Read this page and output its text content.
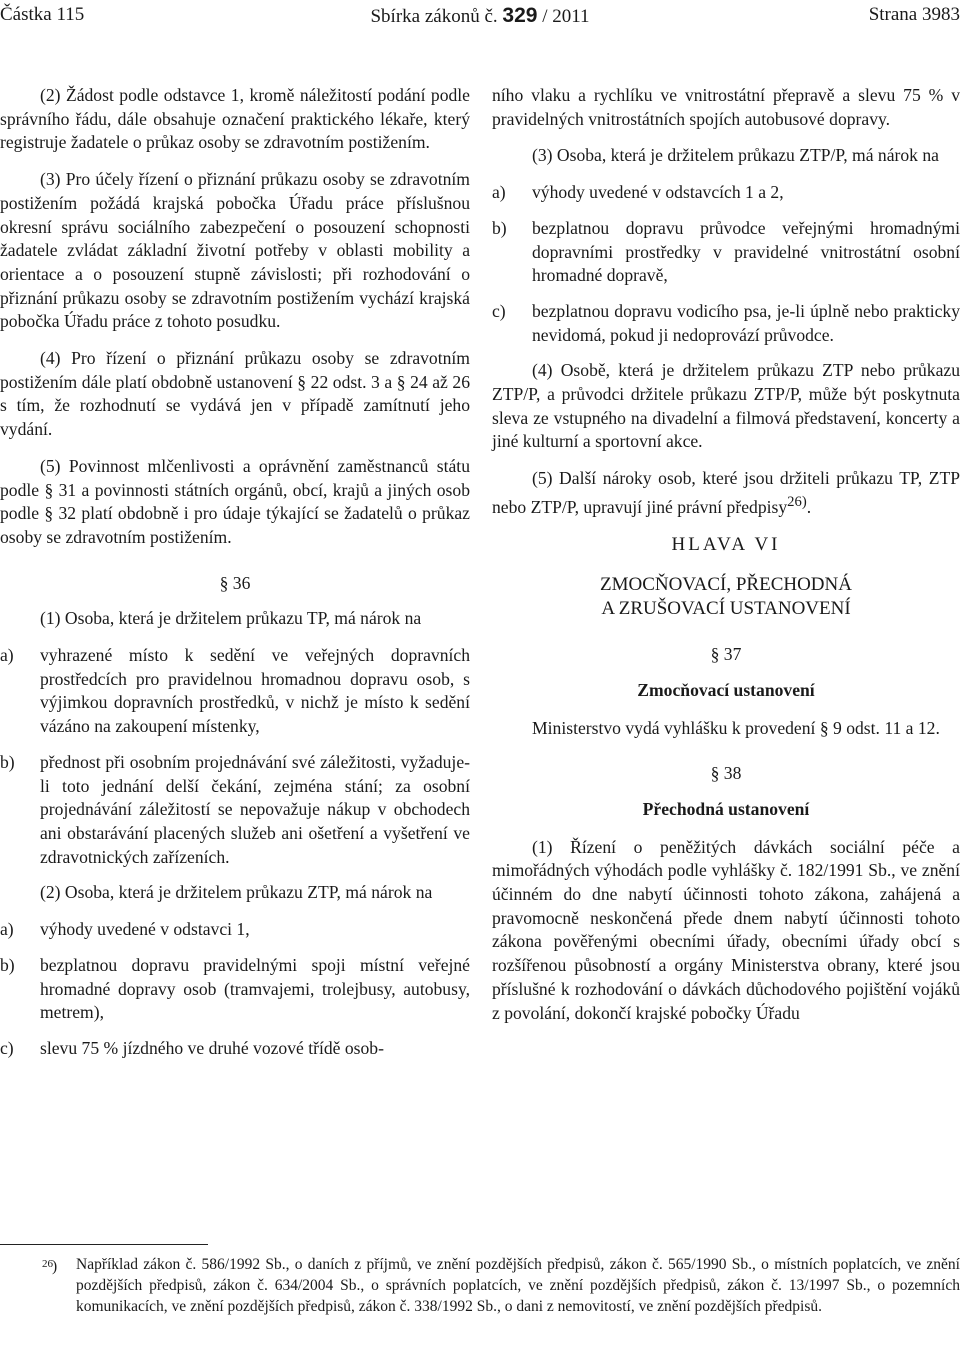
Částka 115	Sbírka zákonů č. 329 / 2011	Strana 3983

(2) Žádost podle odstavce 1, kromě náležitostí podání podle správního řádu, dále obsahuje označení praktického lékaře, který registruje žadatele o průkaz osoby se zdravotním postižením.

(3) Pro účely řízení o přiznání průkazu osoby se zdravotním postižením požádá krajská pobočka Úřadu práce příslušnou okresní správu sociálního zabezpečení o posouzení schopnosti žadatele zvládat základní životní potřeby v oblasti mobility a orientace a o posouzení stupně závislosti; při rozhodování o přiznání průkazu osoby se zdravotním postižením vychází krajská pobočka Úřadu práce z tohoto posudku.

(4) Pro řízení o přiznání průkazu osoby se zdravotním postižením dále platí obdobně ustanovení § 22 odst. 3 a § 24 až 26 s tím, že rozhodnutí se vydává jen v případě zamítnutí jeho vydání.

(5) Povinnost mlčenlivosti a oprávnění zaměstnanců státu podle § 31 a povinnosti státních orgánů, obcí, krajů a jiných osob podle § 32 platí obdobně i pro údaje týkající se žadatelů o průkaz osoby se zdravotním postižením.

§ 36

(1) Osoba, která je držitelem průkazu TP, má nárok na

a) vyhrazené místo k sedění ve veřejných dopravních prostředcích pro pravidelnou hromadnou dopravu osob, s výjimkou dopravních prostředků, v nichž je místo k sedění vázáno na zakoupení místenky,
b) přednost při osobním projednávání své záležitosti, vyžaduje-li toto jednání delší čekání, zejména stání; za osobní projednávání záležitostí se nepovažuje nákup v obchodech ani obstarávání placených služeb ani ošetření a vyšetření ve zdravotnických zařízeních.

(2) Osoba, která je držitelem průkazu ZTP, má nárok na

a) výhody uvedené v odstavci 1,
b) bezplatnou dopravu pravidelnými spoji místní veřejné hromadné dopravy osob (tramvajemi, trolejbusy, autobusy, metrem),
c) slevu 75 % jízdného ve druhé vozové třídě osob-

ního vlaku a rychlíku ve vnitrostátní přepravě a slevu 75 % v pravidelných vnitrostátních spojích autobusové dopravy.

(3) Osoba, která je držitelem průkazu ZTP/P, má nárok na

a) výhody uvedené v odstavcích 1 a 2,
b) bezplatnou dopravu průvodce veřejnými hromadnými dopravními prostředky v pravidelné vnitrostátní osobní hromadné dopravě,
c) bezplatnou dopravu vodicího psa, je-li úplně nebo prakticky nevidomá, pokud ji nedoprovází průvodce.

(4) Osobě, která je držitelem průkazu ZTP nebo průkazu ZTP/P, a průvodci držitele průkazu ZTP/P, může být poskytnuta sleva ze vstupného na divadelní a filmová představení, koncerty a jiné kulturní a sportovní akce.

(5) Další nároky osob, které jsou držiteli průkazu TP, ZTP nebo ZTP/P, upravují jiné právní předpisy$^{26)}$.

HLAVA VI
ZMOCŇOVACÍ, PŘECHODNÁ
A ZRUŠOVACÍ USTANOVENÍ
§ 37
Zmocňovací ustanovení

Ministerstvo vydá vyhlášku k provedení § 9 odst. 11 a 12.

§ 38
Přechodná ustanovení

(1) Řízení o peněžitých dávkách sociální péče a mimořádných výhodách podle vyhlášky č. 182/1991 Sb., ve znění účinném do dne nabytí účinnosti tohoto zákona, zahájená a pravomocně neskončená přede dnem nabytí účinnosti tohoto zákona pověřenými obecními úřady, obecními úřady obcí s rozšířenou působností a orgány Ministerstva obrany, které jsou příslušné k rozhodování o dávkách důchodového pojištění vojáků z povolání, dokončí krajské pobočky Úřadu

26 )	Například zákon č. 586/1992 Sb., o daních z příjmů, ve znění pozdějších předpisů, zákon č. 565/1990 Sb., o místních poplatcích, ve znění pozdějších předpisů, zákon č. 634/2004 Sb., o správních poplatcích, ve znění pozdějších předpisů, zákon č. 13/1997 Sb., o pozemních komunikacích, ve znění pozdějších předpisů, zákon č. 338/1992 Sb., o dani z nemovitostí, ve znění pozdějších předpisů.
